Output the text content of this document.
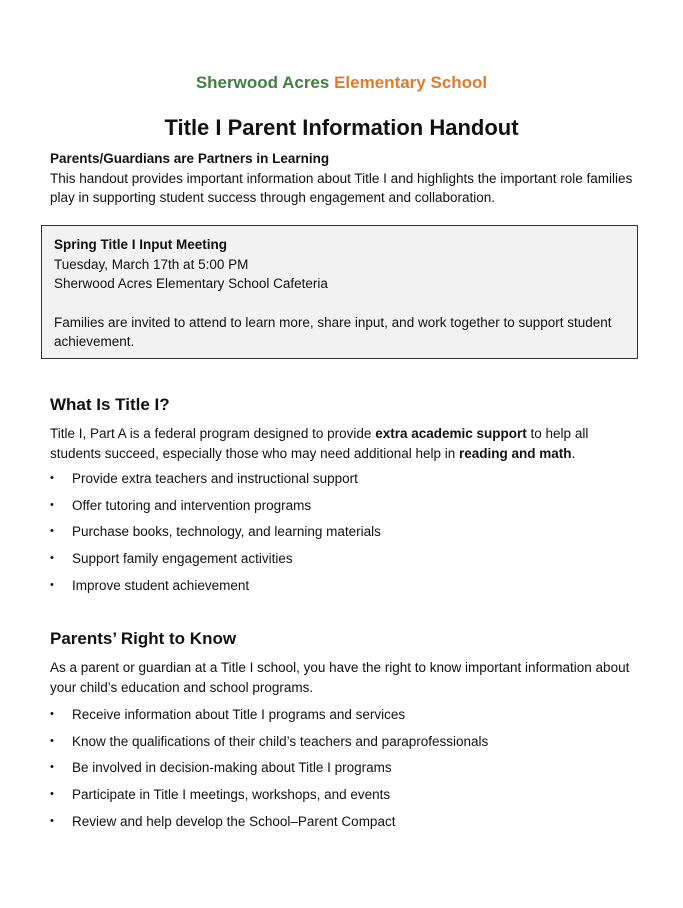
Sherwood Acres Elementary School
Title I Parent Information Handout
Parents/Guardians are Partners in Learning
This handout provides important information about Title I and highlights the important role families play in supporting student success through engagement and collaboration.
Spring Title I Input Meeting
Tuesday, March 17th at 5:00 PM
Sherwood Acres Elementary School Cafeteria
Families are invited to attend to learn more, share input, and work together to support student achievement.
What Is Title I?

Title I, Part A is a federal program designed to provide extra academic support to help all students succeed, especially those who may need additional help in reading and math.

• Provide extra teachers and instructional support
• Offer tutoring and intervention programs
• Purchase books, technology, and learning materials
• Support family engagement activities
• Improve student achievement
Parents’ Right to Know

As a parent or guardian at a Title I school, you have the right to know important information about your child’s education and school programs.

• Receive information about Title I programs and services
• Know the qualifications of their child’s teachers and paraprofessionals
• Be involved in decision-making about Title I programs
• Participate in Title I meetings, workshops, and events
• Review and help develop the School–Parent Compact
